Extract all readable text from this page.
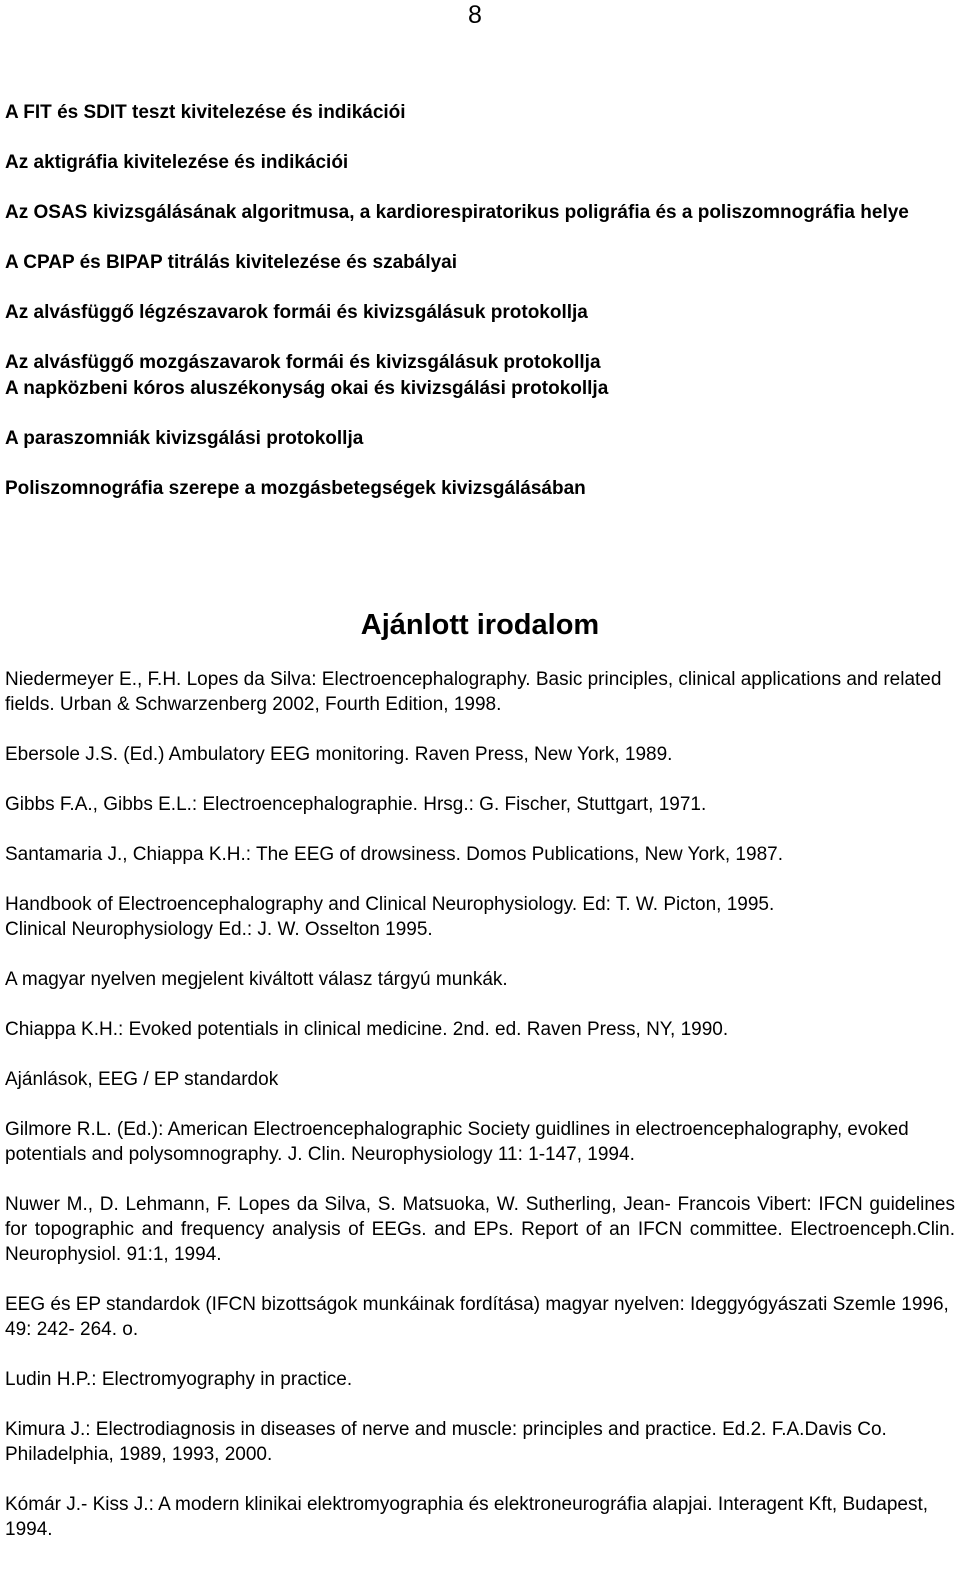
8

A FIT és SDIT teszt kivitelezése és indikációi

Az aktigráfia kivitelezése és indikációi

Az OSAS kivizsgálásának algoritmusa, a kardiorespiratorikus poligráfia és a poliszomnográfia helye

A CPAP és BIPAP titrálás kivitelezése és szabályai

Az alvásfüggő légzészavarok formái és kivizsgálásuk protokollja

Az alvásfüggő mozgászavarok formái és kivizsgálásuk protokollja

A napközbeni kóros aluszékonyság okai és kivizsgálási protokollja

A paraszomniák kivizsgálási protokollja

Poliszomnográfia szerepe a mozgásbetegségek kivizsgálásában

Ajánlott irodalom

Niedermeyer E., F.H. Lopes da Silva: Electroencephalography. Basic principles, clinical applications and related fields. Urban & Schwarzenberg 2002, Fourth Edition, 1998.

Ebersole J.S. (Ed.) Ambulatory EEG monitoring. Raven Press, New York, 1989.

Gibbs F.A., Gibbs E.L.: Electroencephalographie. Hrsg.: G. Fischer, Stuttgart, 1971.

Santamaria J., Chiappa K.H.: The EEG of drowsiness. Domos Publications, New York, 1987.

Handbook of Electroencephalography and Clinical Neurophysiology. Ed: T. W. Picton, 1995.

Clinical Neurophysiology Ed.: J. W. Osselton 1995.

A magyar nyelven megjelent kiváltott válasz tárgyú munkák.

Chiappa K.H.: Evoked potentials in clinical medicine. 2nd. ed. Raven Press, NY, 1990.

Ajánlások, EEG / EP standardok

Gilmore R.L. (Ed.): American Electroencephalographic Society guidlines in electroencephalography, evoked potentials and polysomnography. J. Clin. Neurophysiology 11: 1-147, 1994.

Nuwer M., D. Lehmann, F. Lopes da Silva, S. Matsuoka, W. Sutherling, Jean- Francois Vibert: IFCN guidelines for topographic and frequency analysis of EEGs. and EPs. Report of an IFCN committee. Electroenceph.Clin. Neurophysiol. 91:1, 1994.

EEG és EP standardok (IFCN bizottságok munkáinak fordítása) magyar nyelven: Ideggyógyászati Szemle 1996, 49: 242- 264. o.

Ludin H.P.: Electromyography in practice.

Kimura J.: Electrodiagnosis in diseases of nerve and muscle: principles and practice. Ed.2. F.A.Davis Co. Philadelphia, 1989, 1993, 2000.

Kómár J.- Kiss J.: A modern klinikai elektromyographia és elektroneurográfia alapjai. Interagent Kft, Budapest, 1994.
